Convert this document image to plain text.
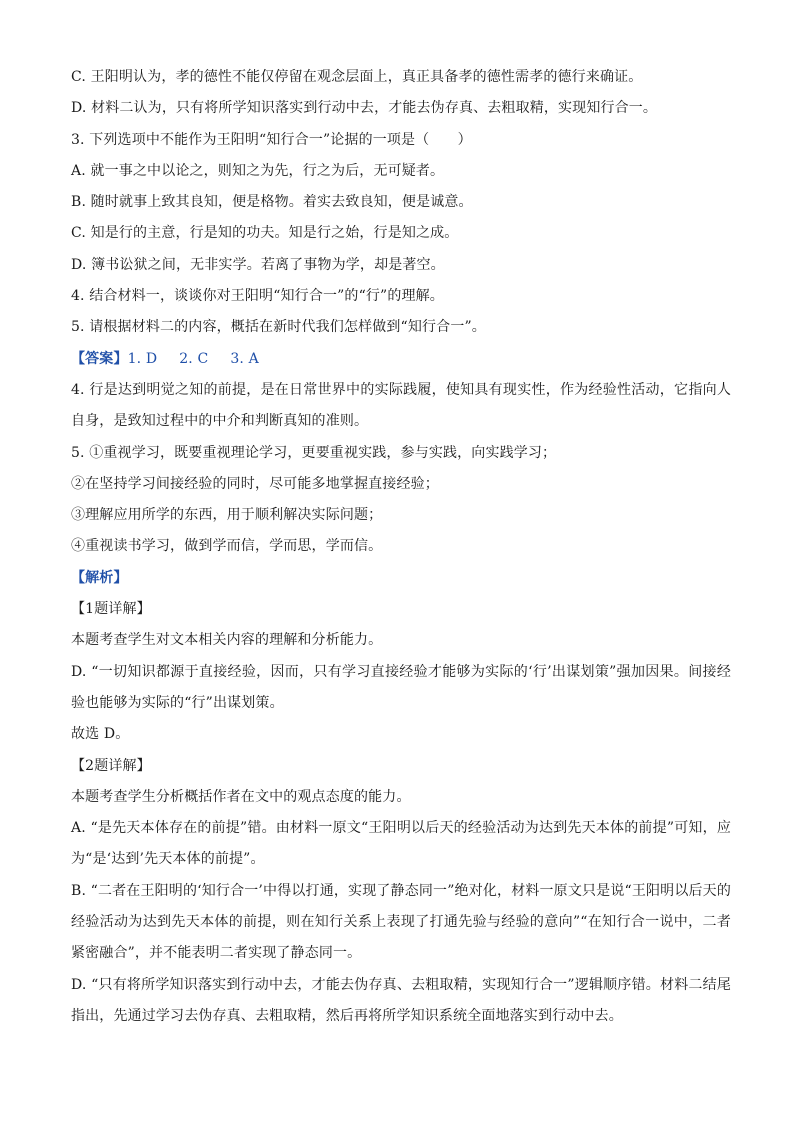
C. 王阳明认为，孝的德性不能仅停留在观念层面上，真正具备孝的德性需孝的德行来确证。
D. 材料二认为，只有将所学知识落实到行动中去，才能去伪存真、去粗取精，实现知行合一。
3. 下列选项中不能作为王阳明“知行合一”论据的一项是（　　）
A. 就一事之中以论之，则知之为先，行之为后，无可疑者。
B. 随时就事上致其良知，便是格物。着实去致良知，便是诚意。
C. 知是行的主意，行是知的功夫。知是行之始，行是知之成。
D. 簿书讼狱之间，无非实学。若离了事物为学，却是著空。
4. 结合材料一，谈谈你对王阳明“知行合一”的“行”的理解。
5. 请根据材料二的内容，概括在新时代我们怎样做到“知行合一”。
【答案】1. D 2. C 3. A
4. 行是达到明觉之知的前提，是在日常世界中的实际践履，使知具有现实性，作为经验性活动，它指向人自身，是致知过程中的中介和判断真知的准则。
5. ①重视学习，既要重视理论学习，更要重视实践，参与实践，向实践学习；
②在坚持学习间接经验的同时，尽可能多地掌握直接经验；
③理解应用所学的东西，用于顺利解决实际问题；
④重视读书学习，做到学而信，学而思，学而信。
【解析】
【1题详解】
本题考查学生对文本相关内容的理解和分析能力。
D. “一切知识都源于直接经验，因而，只有学习直接经验才能够为实际的‘行’出谋划策”强加因果。间接经验也能够为实际的“行”出谋划策。
故选 D。
【2题详解】
本题考查学生分析概括作者在文中的观点态度的能力。
A. “是先天本体存在的前提”错。由材料一原文“王阳明以后天的经验活动为达到先天本体的前提”可知，应为“是‘达到’先天本体的前提”。
B. “二者在王阳明的‘知行合一’中得以打通，实现了静态同一”绝对化，材料一原文只是说“王阳明以后天的经验活动为达到先天本体的前提，则在知行关系上表现了打通先验与经验的意向”“在知行合一说中，二者紧密融合”，并不能表明二者实现了静态同一。
D. “只有将所学知识落实到行动中去，才能去伪存真、去粗取精，实现知行合一”逻辑顺序错。材料二结尾指出，先通过学习去伪存真、去粗取精，然后再将所学知识系统全面地落实到行动中去。
